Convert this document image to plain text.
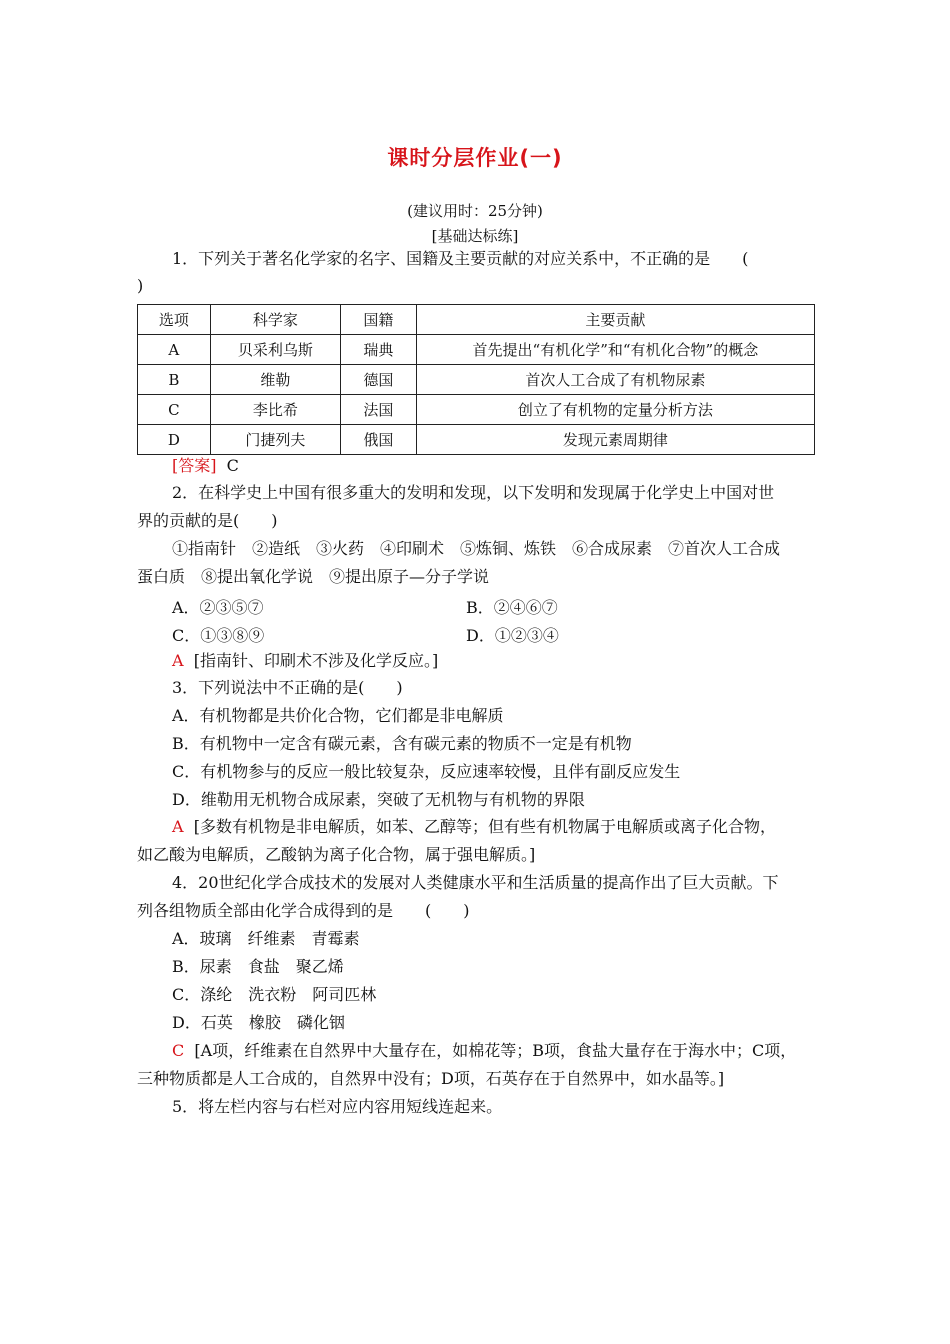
课时分层作业(一)
(建议用时：25分钟)
[基础达标练]
1．下列关于著名化学家的名字、国籍及主要贡献的对应关系中，不正确的是　　(
)
选项	科学家	国籍	主要贡献
A	贝采利乌斯	瑞典	首先提出“有机化学”和“有机化合物”的概念
B	维勒	德国	首次人工合成了有机物尿素
C	李比希	法国	创立了有机物的定量分析方法
D	门捷列夫	俄国	发现元素周期律
[答案] C
2．在科学史上中国有很多重大的发明和发现，以下发明和发现属于化学史上中国对世
界的贡献的是(　　)
①指南针　②造纸　③火药　④印刷术　⑤炼铜、炼铁　⑥合成尿素　⑦首次人工合成
蛋白质　⑧提出氧化学说　⑨提出原子—分子学说
A．②③⑤⑦	B．②④⑥⑦
C．①③⑧⑨	D．①②③④
A [指南针、印刷术不涉及化学反应。]
3．下列说法中不正确的是(　　)
A．有机物都是共价化合物，它们都是非电解质
B．有机物中一定含有碳元素，含有碳元素的物质不一定是有机物
C．有机物参与的反应一般比较复杂，反应速率较慢，且伴有副反应发生
D．维勒用无机物合成尿素，突破了无机物与有机物的界限
A [多数有机物是非电解质，如苯、乙醇等；但有些有机物属于电解质或离子化合物，
如乙酸为电解质，乙酸钠为离子化合物，属于强电解质。]
4．20世纪化学合成技术的发展对人类健康水平和生活质量的提高作出了巨大贡献。下
列各组物质全部由化学合成得到的是　　(　　)
A．玻璃　纤维素　青霉素
B．尿素　食盐　聚乙烯
C．涤纶　洗衣粉　阿司匹林
D．石英　橡胶　磷化铟
C [A项，纤维素在自然界中大量存在，如棉花等；B项，食盐大量存在于海水中；C项，
三种物质都是人工合成的，自然界中没有；D项，石英存在于自然界中，如水晶等。]
5．将左栏内容与右栏对应内容用短线连起来。
